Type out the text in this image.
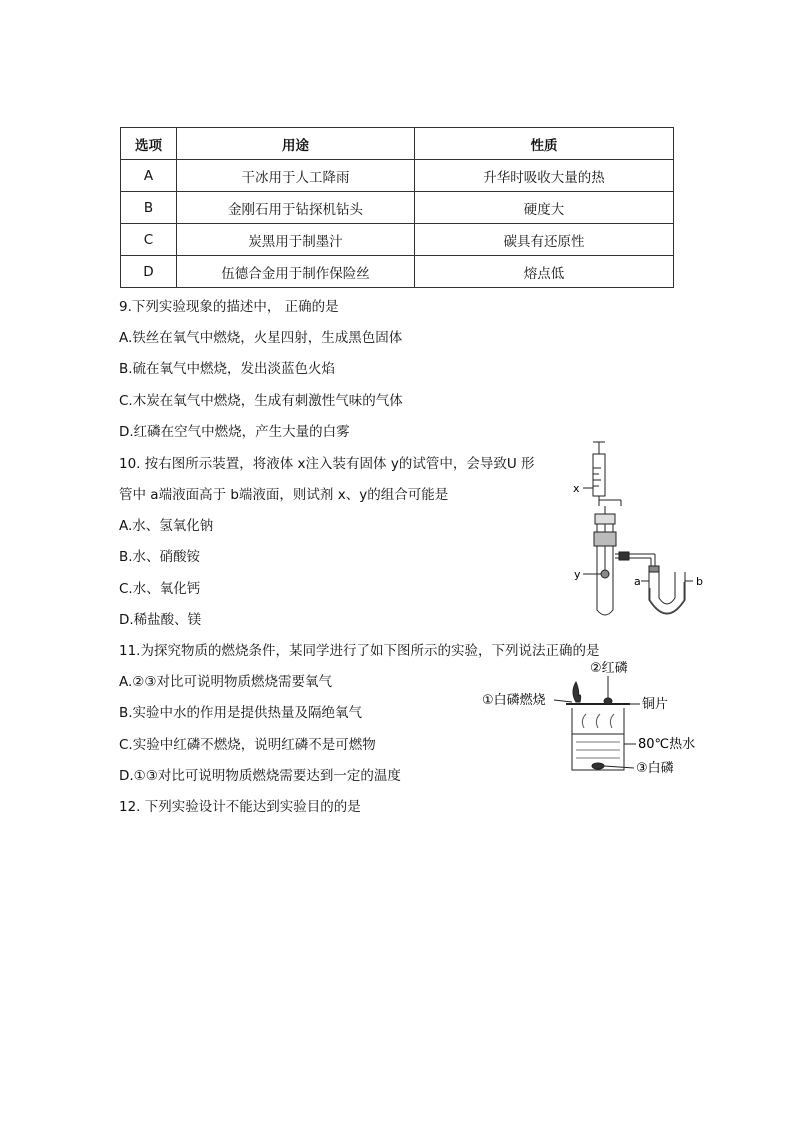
选项	用途	性质
A	干冰用于人工降雨	升华时吸收大量的热
B	金刚石用于钻探机钻头	硬度大
C	炭黑用于制墨汁	碳具有还原性
D	伍德合金用于制作保险丝	熔点低
9.下列实验现象的描述中， 正确的是
A.铁丝在氧气中燃烧，火星四射，生成黑色固体
B.硫在氧气中燃烧，发出淡蓝色火焰
C.木炭在氧气中燃烧，生成有刺激性气味的气体
D.红磷在空气中燃烧，产生大量的白雾
10. 按右图所示装置，将液体 x注入装有固体 y的试管中，会导致U 形
管中 a端液面高于 b端液面，则试剂 x、y的组合可能是
A.水、氢氧化钠
B.水、硝酸铵
C.水、氧化钙
D.稀盐酸、镁
x
y
a	b
11.为探究物质的燃烧条件，某同学进行了如下图所示的实验，下列说法正确的是
A.②③对比可说明物质燃烧需要氧气
B.实验中水的作用是提供热量及隔绝氧气
C.实验中红磷不燃烧，说明红磷不是可燃物
D.①③对比可说明物质燃烧需要达到一定的温度
①白磷燃烧
②红磷
铜片
80℃热水
③白磷
12. 下列实验设计不能达到实验目的的是
